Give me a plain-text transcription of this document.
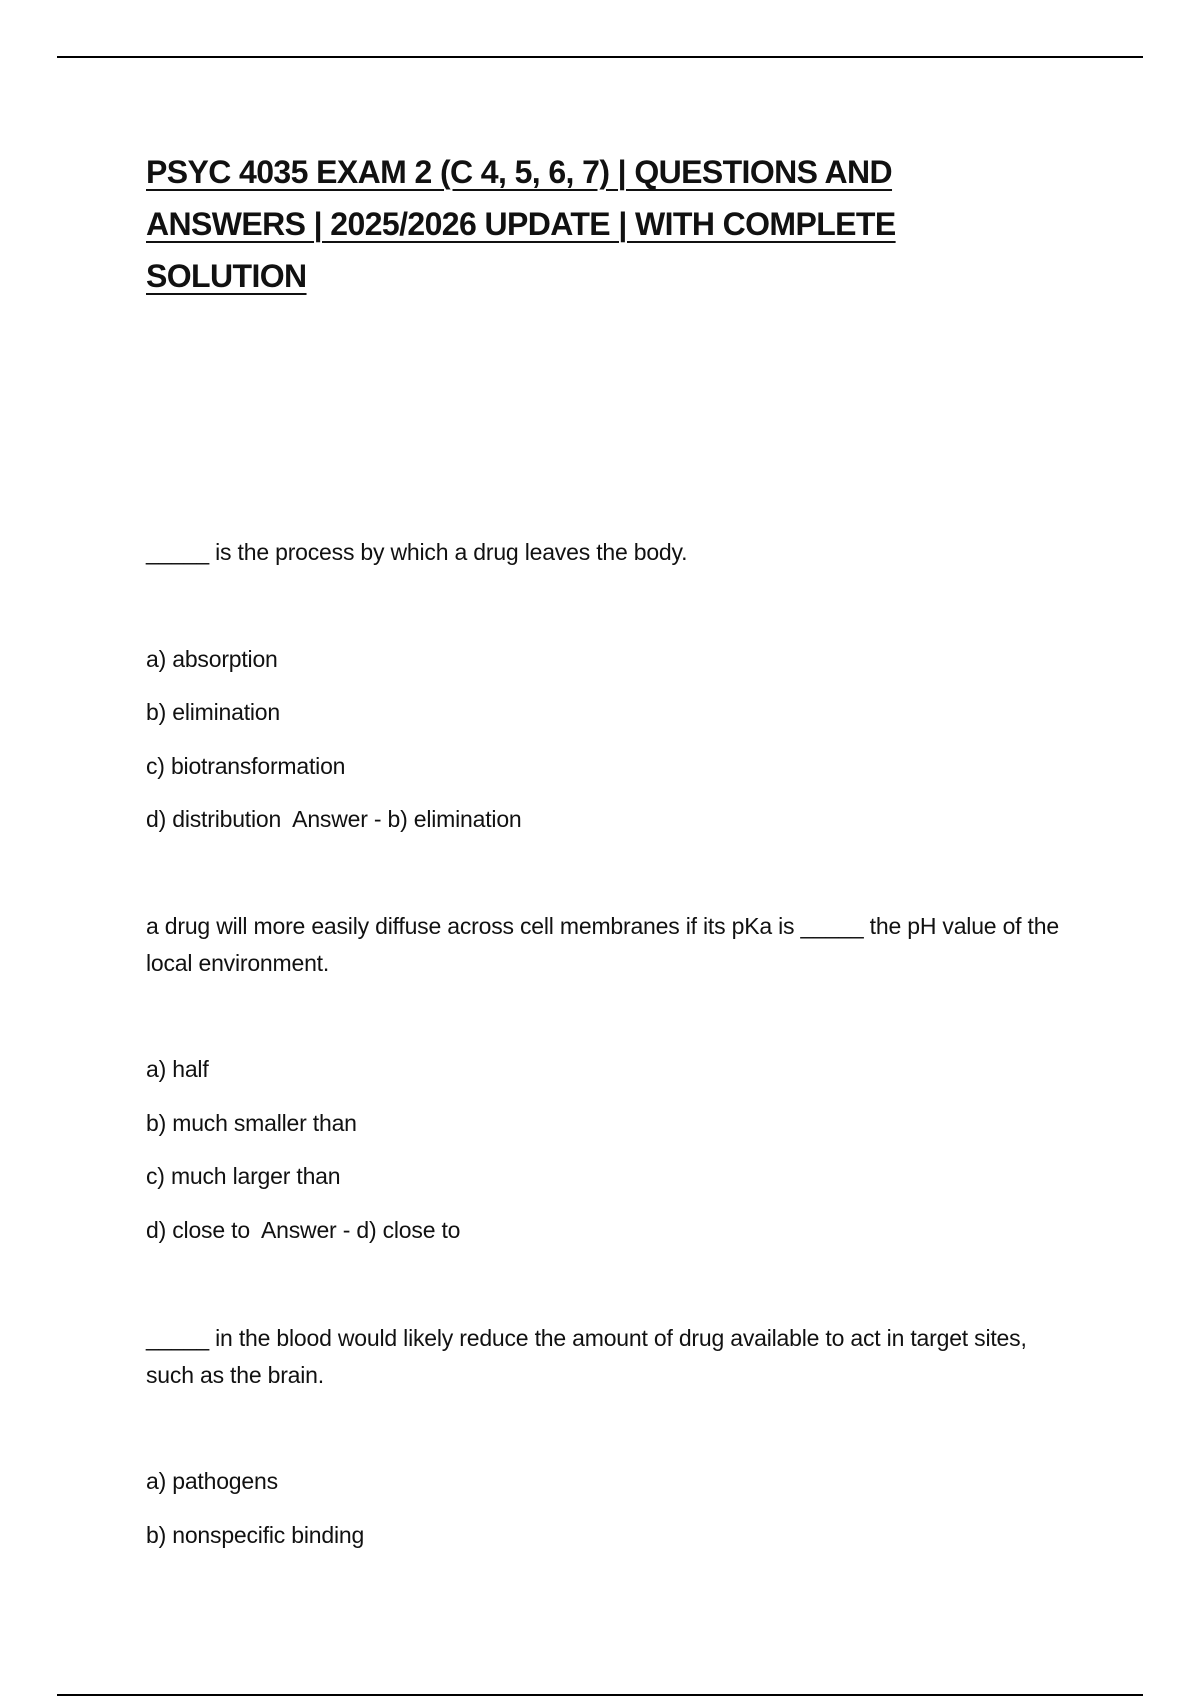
PSYC 4035 EXAM 2 (C 4, 5, 6, 7) | QUESTIONS AND
ANSWERS | 2025/2026 UPDATE | WITH COMPLETE
SOLUTION

_____ is the process by which a drug leaves the body.

a) absorption

b) elimination

c) biotransformation

d) distribution  Answer - b) elimination

a drug will more easily diffuse across cell membranes if its pKa is _____ the pH value of the local environment.

a) half

b) much smaller than

c) much larger than

d) close to  Answer - d) close to

_____ in the blood would likely reduce the amount of drug available to act in target sites, such as the brain.

a) pathogens

b) nonspecific binding
